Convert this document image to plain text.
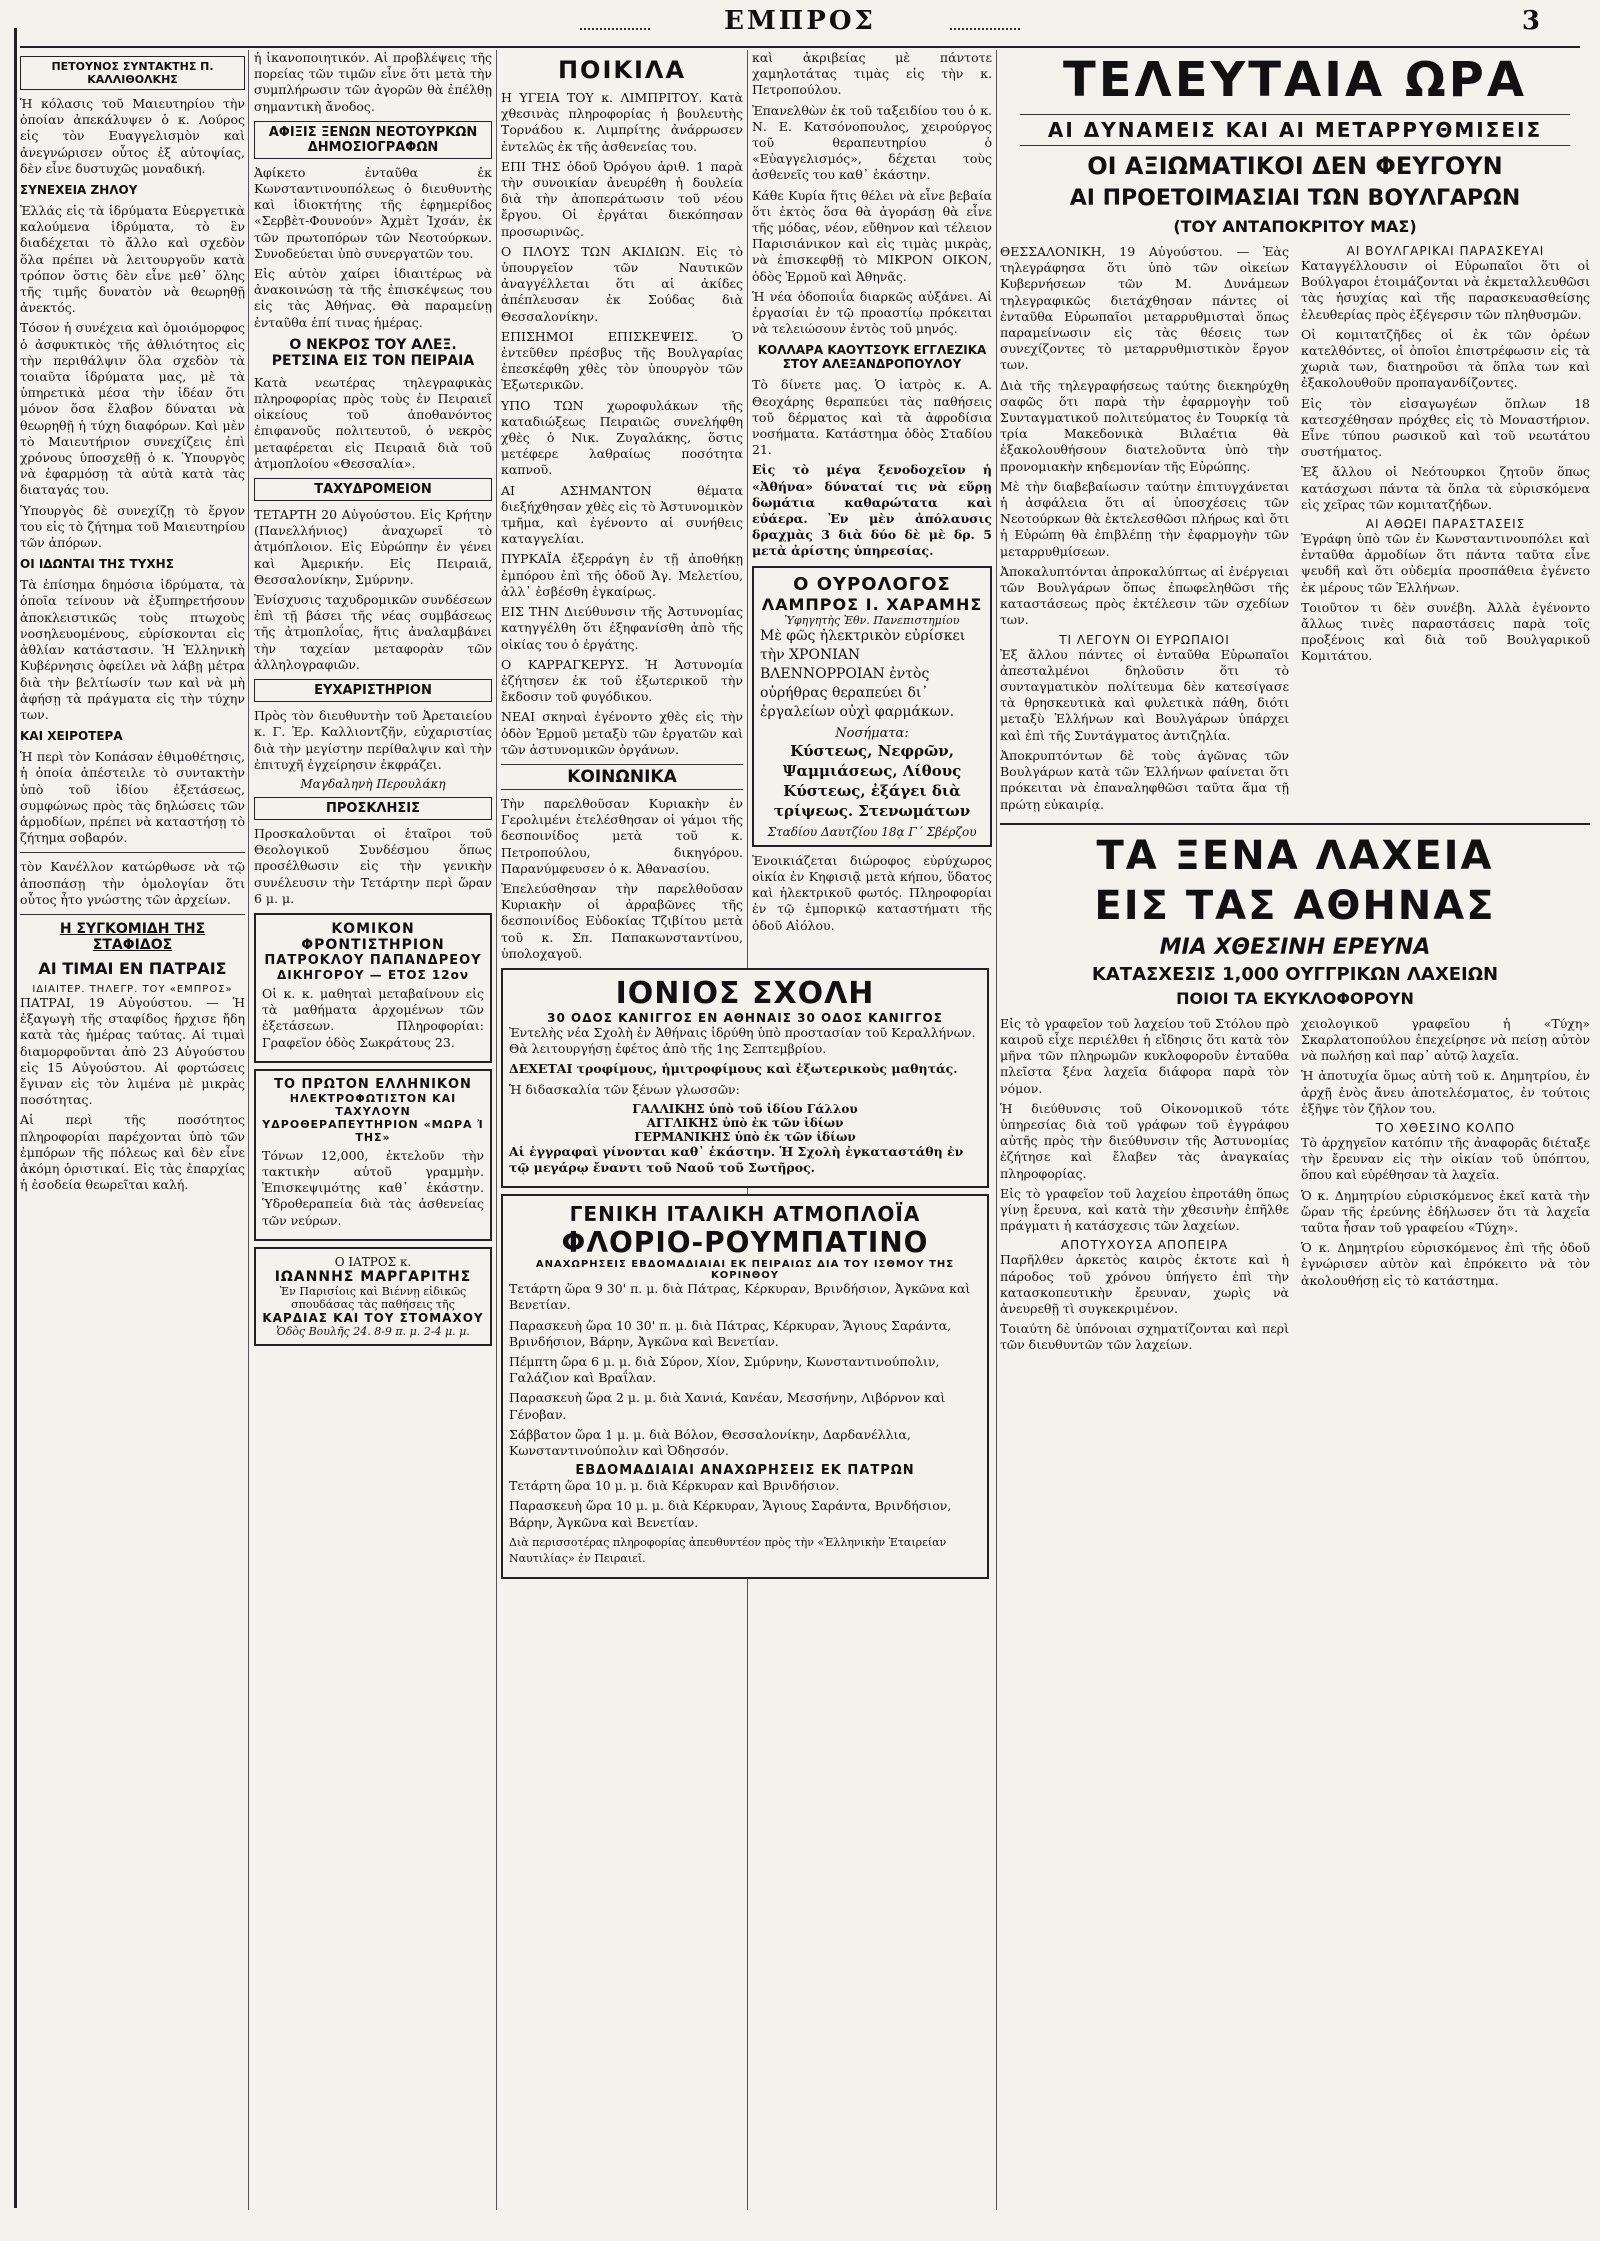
ΕΜΠΡΟΣ	3
ΠΕΤΟΥΝΟΣ ΣΥΝΤΑΚΤΗΣ Π. ΚΑΛΛΙΘΟΛΚΗΣ

Ἡ κόλασις τοῦ Μαιευτηρίου τὴν ὁποίαν ἀπεκάλυψεν ὁ κ. Λούρος εἰς τὸν Ευαγγελισμὸν καὶ ἀνεγνώρισεν οὗτος ἐξ αὐτοψίας, δὲν εἶνε δυστυχῶς μοναδική.

ΣΥΝΕΧΕΙΑ ΖΗΛΟΥ

Ἐλλάς εἰς τὰ ἱδρύματα Εὐεργετικὰ καλούμενα ἱδρύματα, τὸ ἓν διαδέχεται τὸ ἄλλο καὶ σχεδὸν ὅλα πρέπει νὰ λειτουργοῦν κατὰ τρόπον ὅστις δὲν εἶνε μεθ᾽ ὅλης τῆς τιμῆς δυνατὸν νὰ θεωρηθῇ ἀνεκτός.

Τόσον ἡ συνέχεια καὶ ὁμοιόμορφος ὁ ἀσφυκτικὸς τῆς ἀθλιότητος εἰς τὴν περιθάλψιν ὅλα σχεδὸν τὰ τοιαῦτα ἱδρύματα μας, μὲ τὰ ὑπηρετικὰ μέσα τὴν ἰδέαν ὅτι μόνον ὅσα ἔλαβον δύναται νὰ θεωρηθῇ ἡ τύχη διαφόρων. Καὶ μὲν τὸ Μαιευτήριον συνεχίζεις ἐπὶ χρόνους ὑποσχεθῇ ὁ κ. Ὑπουργὸς νὰ ἐφαρμόσῃ τὰ αὐτὰ κατὰ τὰς διαταγάς του.

Ὑπουργὸς δὲ συνεχίζῃ τὸ ἔργον του εἰς τὸ ζήτημα τοῦ Μαιευτηρίου τῶν ἀπόρων.

ΟΙ ΙΔΩΝΤΑΙ ΤΗΣ ΤΥΧΗΣ

Τὰ ἐπίσημα δημόσια ἱδρύματα, τὰ ὁποῖα τείνουν νὰ ἐξυπηρετήσουν ἀποκλειστικῶς τοὺς πτωχοὺς νοσηλευομένους, εὑρίσκονται εἰς ἀθλίαν κατάστασιν. Ἡ Ἑλληνικὴ Κυβέρνησις ὀφείλει νὰ λάβῃ μέτρα διὰ τὴν βελτίωσίν των καὶ νὰ μὴ ἀφήσῃ τὰ πράγματα εἰς τὴν τύχην των.

ΚΑΙ ΧΕΙΡΟΤΕΡΑ

Ἡ περὶ τὸν Κοπάσαν ἐθιμοθέτησις, ἡ ὁποία ἀπέστειλε τὸ συντακτὴν ὑπὸ τοῦ ἰδίου ἐξετάσεως, συμφώνως πρὸς τὰς δηλώσεις τῶν ἁρμοδίων, πρέπει νὰ καταστήσῃ τὸ ζήτημα σοβαρόν.

τὸν Κανέλλον κατώρθωσε νὰ τῷ ἀποσπάσῃ τὴν ὁμολογίαν ὅτι οὗτος ἦτο γνώστης τῶν ἀρχείων.

Η ΣΥΓΚΟΜΙΔΗ ΤΗΣ ΣΤΑΦΙΔΟΣ
ΑΙ ΤΙΜΑΙ ΕΝ ΠΑΤΡΑΙΣ
ΙΔΙΑΙΤΕΡ. ΤΗΛΕΓΡ. ΤΟΥ «ΕΜΠΡΟΣ»

ΠΑΤΡΑΙ, 19 Αὐγούστου. — Ἡ ἐξαγωγὴ τῆς σταφίδος ἤρχισε ἤδη κατὰ τὰς ἡμέρας ταύτας. Αἱ τιμαὶ διαμορφοῦνται ἀπὸ 23 Αὐγούστου εἰς 15 Αὐγούστου. Αἱ φορτώσεις ἔγιναν εἰς τὸν λιμένα μὲ μικρὰς ποσότητας.

Αἱ περὶ τῆς ποσότητος πληροφορίαι παρέχονται ὑπὸ τῶν ἐμπόρων τῆς πόλεως καὶ δὲν εἶνε ἀκόμη ὁριστικαί. Εἰς τὰς ἐπαρχίας ἡ ἐσοδεία θεωρεῖται καλή.

ἡ ἱκανοποιητικόν. Αἱ προβλέψεις τῆς πορείας τῶν τιμῶν εἶνε ὅτι μετὰ τὴν συμπλήρωσιν τῶν ἀγορῶν θὰ ἐπέλθῃ σημαντικὴ ἄνοδος.

ΑΦΙΞΙΣ ΞΕΝΩΝ ΝΕΟΤΟΥΡΚΩΝ ΔΗΜΟΣΙΟΓΡΑΦΩΝ

Ἀφίκετο ἐνταῦθα ἐκ Κωνσταντινουπόλεως ὁ διευθυντὴς καὶ ἰδιοκτήτης τῆς ἐφημερίδος «Σερβὲτ-Φουνούν» Ἀχμὲτ Ἰχσάν, ἐκ τῶν πρωτοπόρων τῶν Νεοτούρκων. Συνοδεύεται ὑπὸ συνεργατῶν του.

Εἰς αὐτὸν χαίρει ἰδιαιτέρως νὰ ἀνακοινώσῃ τὰ τῆς ἐπισκέψεως του εἰς τὰς Ἀθήνας. Θὰ παραμείνῃ ἐνταῦθα ἐπί τινας ἡμέρας.

Ο ΝΕΚΡΟΣ ΤΟΥ ΑΛΕΞ. ΡΕΤΣΙΝΑ ΕΙΣ ΤΟΝ ΠΕΙΡΑΙΑ

Κατὰ νεωτέρας τηλεγραφικὰς πληροφορίας πρὸς τοὺς ἐν Πειραιεῖ οἰκείους τοῦ ἀποθανόντος ἐπιφανοῦς πολιτευτοῦ, ὁ νεκρὸς μεταφέρεται εἰς Πειραιᾶ διὰ τοῦ ἀτμοπλοίου «Θεσσαλία».

ΤΑΧΥΔΡΟΜΕΙΟΝ

ΤΕΤΑΡΤΗ 20 Αὐγούστου. Εἰς Κρήτην (Πανελλήνιος) ἀναχωρεῖ τὸ ἀτμόπλοιον. Εἰς Εὐρώπην ἐν γένει καὶ Ἀμερικήν. Εἰς Πειραιᾶ, Θεσσαλονίκην, Σμύρνην.

Ἐνίσχυσις ταχυδρομικῶν συνδέσεων ἐπὶ τῇ βάσει τῆς νέας συμβάσεως τῆς ἀτμοπλοΐας, ἥτις ἀναλαμβάνει τὴν ταχείαν μεταφορὰν τῶν ἀλληλογραφιῶν.

ΕΥΧΑΡΙΣΤΗΡΙΟΝ

Πρὸς τὸν διευθυντὴν τοῦ Ἀρεταιείου κ. Γ. Ἐρ. Καλλιοντζῆν, εὐχαριστίας διὰ τὴν μεγίστην περίθαλψιν καὶ τὴν ἐπιτυχῆ ἐγχείρησιν ἐκφράζει.

Μαγδαληνὴ Περουλάκη
ΠΡΟΣΚΛΗΣΙΣ

Προσκαλοῦνται οἱ ἑταῖροι τοῦ Θεολογικοῦ Συνδέσμου ὅπως προσέλθωσιν εἰς τὴν γενικὴν συνέλευσιν τὴν Τετάρτην περὶ ὥραν 6 μ. μ.

ΚΟΜΙΚΟΝ ΦΡΟΝΤΙΣΤΗΡΙΟΝ
ΠΑΤΡΟΚΛΟΥ ΠΑΠΑΝΔΡΕΟΥ
ΔΙΚΗΓΟΡΟΥ — ΕΤΟΣ 12ον

Οἱ κ. κ. μαθηταὶ μεταβαίνουν εἰς τὰ μαθήματα ἀρχομένων τῶν ἐξετάσεων. Πληροφορίαι: Γραφεῖον ὁδὸς Σωκράτους 23.

ΤΟ ΠΡΩΤΟΝ ΕΛΛΗΝΙΚΟΝ
ΗΛΕΚΤΡΟΦΩΤΙΣΤΟΝ ΚΑΙ ΤΑΧΥΛΟΥΝ ΥΔΡΟΘΕΡΑΠΕΥΤΗΡΙΟΝ «ΜΩΡΑ Ἰ ΤΗΣ»

Τόνων 12,000, ἐκτελοῦν τὴν τακτικὴν αὐτοῦ γραμμὴν. Ἐπισκεψιμότης καθ᾽ ἑκάστην. Ὑδροθεραπεία διὰ τὰς ἀσθενείας τῶν νεύρων.

Ο ΙΑΤΡΟΣ κ.
ΙΩΑΝΝΗΣ ΜΑΡΓΑΡΙΤΗΣ
Ἐν Παρισίοις καὶ Βιέννῃ εἰδικῶς σπουδάσας τὰς παθήσεις τῆς
ΚΑΡΔΙΑΣ ΚΑΙ ΤΟΥ ΣΤΟΜΑΧΟΥ
Ὁδὸς Βουλῆς 24. 8-9 π. μ. 2-4 μ. μ.
ΠΟΙΚΙΛΑ

Η ΥΓΕΙΑ ΤΟΥ κ. ΛΙΜΠΡΙΤΟΥ. Κατὰ χθεσινὰς πληροφορίας ἡ βουλευτὴς Τορνάδου κ. Λιμπρίτης ἀνάρρωσεν ἐντελῶς ἐκ τῆς ἀσθενείας του.

ΕΠΙ ΤΗΣ ὁδοῦ Ὀρόγου ἀριθ. 1 παρὰ τὴν συνοικίαν ἀνευρέθη ἡ δουλεία διὰ τὴν ἀποπεράτωσιν τοῦ νέου ἔργου. Οἱ ἐργάται διεκόπησαν προσωρινῶς.

Ο ΠΛΟΥΣ ΤΩΝ ΑΚΙΔΙΩΝ. Εἰς τὸ ὑπουργεῖον τῶν Ναυτικῶν ἀναγγέλλεται ὅτι αἱ ἀκίδες ἀπέπλευσαν ἐκ Σούδας διὰ Θεσσαλονίκην.

ΕΠΙΣΗΜΟΙ ΕΠΙΣΚΕΨΕΙΣ. Ὁ ἐντεῦθεν πρέσβυς τῆς Βουλγαρίας ἐπεσκέφθη χθὲς τὸν ὑπουργὸν τῶν Ἐξωτερικῶν.

ΥΠΟ ΤΩΝ χωροφυλάκων τῆς καταδιώξεως Πειραιῶς συνελήφθη χθὲς ὁ Νικ. Ζυγαλάκης, ὅστις μετέφερε λαθραίως ποσότητα καπνοῦ.

ΑΙ ΑΣΗΜΑΝΤΟΝ θέματα διεξήχθησαν χθὲς εἰς τὸ Ἀστυνομικὸν τμῆμα, καὶ ἐγένοντο αἱ συνήθεις καταγγελίαι.

ΠΥΡΚΑΪΑ ἐξερράγη ἐν τῇ ἀποθήκῃ ἐμπόρου ἐπὶ τῆς ὁδοῦ Ἀγ. Μελετίου, ἀλλ᾽ ἐσβέσθη ἐγκαίρως.

ΕΙΣ ΤΗΝ Διεύθυνσιν τῆς Ἀστυνομίας κατηγγέλθη ὅτι ἐξηφανίσθη ἀπὸ τῆς οἰκίας του ὁ ἐργάτης.

Ο ΚΑΡΡΑΓΚΕΡΥΣ. Ἡ Ἀστυνομία ἐζήτησεν ἐκ τοῦ ἐξωτερικοῦ τὴν ἔκδοσιν τοῦ φυγόδικου.

ΝΕΑΙ σκηναὶ ἐγένοντο χθὲς εἰς τὴν ὁδὸν Ἑρμοῦ μεταξὺ τῶν ἐργατῶν καὶ τῶν ἀστυνομικῶν ὀργάνων.

ΚΟΙΝΩΝΙΚΑ

Τὴν παρελθοῦσαν Κυριακὴν ἐν Γερολιμένι ἐτελέσθησαν οἱ γάμοι τῆς δεσποινίδος μετὰ τοῦ κ. Πετροπούλου, δικηγόρου. Παρανύμφευσεν ὁ κ. Ἀθανασίου.

Ἐπελεύσθησαν τὴν παρελθοῦσαν Κυριακὴν οἱ ἀρραβῶνες τῆς δεσποινίδος Εὐδοκίας Τζιβίτου μετὰ τοῦ κ. Σπ. Παπακωνσταντίνου, ὑπολοχαγοῦ.

ΙΟΝΙΟΣ ΣΧΟΛΗ
30 ΟΔΟΣ ΚΑΝΙΓΓΟΣ ΕΝ ΑΘΗΝΑΙΣ 30 ΟΔΟΣ ΚΑΝΙΓΓΟΣ

Ἐντελὴς νέα Σχολὴ ἐν Ἀθήναις ἱδρύθη ὑπὸ προστασίαν τοῦ Κεραλλήνων. Θὰ λειτουργήσῃ ἐφέτος ἀπὸ τῆς 1ης Σεπτεμβρίου.

ΔΕΧΕΤΑΙ τροφίμους, ἡμιτροφίμους καὶ ἐξωτερικοὺς μαθητάς.

Ἡ διδασκαλία τῶν ξένων γλωσσῶν:

ΓΑΛΛΙΚΗΣ ὑπὸ τοῦ ἰδίου Γάλλου
ΑΓΓΛΙΚΗΣ ὑπὸ ἐκ τῶν ἰδίων
ΓΕΡΜΑΝΙΚΗΣ ὑπὸ ἐκ τῶν ἰδίων

Αἱ ἐγγραφαὶ γίνονται καθ᾽ ἑκάστην. Ἡ Σχολὴ ἐγκαταστάθη ἐν τῷ μεγάρῳ ἔναντι τοῦ Ναοῦ τοῦ Σωτῆρος.

ΓΕΝΙΚΗ ΙΤΑΛΙΚΗ ΑΤΜΟΠΛΟΪΑ
ΦΛΟΡΙΟ-ΡΟΥΜΠΑΤΙΝΟ
ΑΝΑΧΩΡΗΣΕΙΣ ΕΒΔΟΜΑΔΙΑΙΑΙ ΕΚ ΠΕΙΡΑΙΩΣ ΔΙΑ ΤΟΥ ΙΣΘΜΟΥ ΤΗΣ ΚΟΡΙΝΘΟΥ

Τετάρτη ὥρα 9 30' π. μ. διὰ Πάτρας, Κέρκυραν, Βρινδήσιον, Ἀγκῶνα καὶ Βενετίαν.

Παρασκευὴ ὥρα 10 30' π. μ. διὰ Πάτρας, Κέρκυραν, Ἅγιους Σαράντα, Βρινδήσιον, Βάρην, Ἀγκῶνα καὶ Βενετίαν.

Πέμπτη ὥρα 6 μ. μ. διὰ Σύρον, Χίον, Σμύρνην, Κωνσταντινούπολιν, Γαλάζιον καὶ Βραΐλαν.

Παρασκευὴ ὥρα 2 μ. μ. διὰ Χανιά, Κανέαν, Μεσσήνην, Λιβόρνον καὶ Γένοβαν.

Σάββατον ὥρα 1 μ. μ. διὰ Βόλον, Θεσσαλονίκην, Δαρδανέλλια, Κωνσταντινούπολιν καὶ Ὀδησσόν.

ΕΒΔΟΜΑΔΙΑΙΑΙ ΑΝΑΧΩΡΗΣΕΙΣ ΕΚ ΠΑΤΡΩΝ

Τετάρτη ὥρα 10 μ. μ. διὰ Κέρκυραν καὶ Βρινδήσιον.

Παρασκευὴ ὥρα 10 μ. μ. διὰ Κέρκυραν, Ἅγιους Σαράντα, Βρινδήσιον, Βάρην, Ἀγκῶνα καὶ Βενετίαν.

Διὰ περισσοτέρας πληροφορίας ἀπευθυντέον πρὸς τὴν «Ἑλληνικὴν Ἑταιρείαν Ναυτιλίας» ἐν Πειραιεῖ.

καὶ ἀκριβείας μὲ πάντοτε χαμηλοτάτας τιμὰς εἰς τὴν κ. Πετροπούλου.

Ἐπανελθὼν ἐκ τοῦ ταξειδίου του ὁ κ. Ν. Ε. Κατσόνοπουλος, χειρούργος τοῦ θεραπευτηρίου ὁ «Εὐαγγελισμός», δέχεται τοὺς ἀσθενεῖς του καθ᾽ ἑκάστην.

Κάθε Κυρία ἥτις θέλει νὰ εἶνε βεβαία ὅτι ἐκτὸς ὅσα θὰ ἀγοράσῃ θὰ εἶνε τῆς μόδας, νέον, εὔθηνον καὶ τέλειον Παρισιάνικον καὶ εἰς τιμὰς μικρὰς, νὰ ἐπισκεφθῇ τὸ ΜΙΚΡΟΝ ΟΙΚΟΝ, ὁδὸς Ἑρμοῦ καὶ Ἀθηνᾶς.

Ἡ νέα ὁδοποιΐα διαρκῶς αὐξάνει. Αἱ ἐργασίαι ἐν τῷ προαστίῳ πρόκειται νὰ τελειώσουν ἐντὸς τοῦ μηνός.

ΚΟΛΛΑΡΑ ΚΑΟΥΤΣΟΥΚ ΕΓΓΛΕΖΙΚΑ ΣΤΟΥ ΑΛΕΞΑΝΔΡΟΠΟΥΛΟΥ

Τὸ δίνετε μας. Ὁ ἰατρὸς κ. Α. Θεοχάρης θεραπεύει τὰς παθήσεις τοῦ δέρματος καὶ τὰ ἀφροδίσια νοσήματα. Κατάστημα ὁδὸς Σταδίου 21.

Εἰς τὸ μέγα ξενοδοχεῖον ἡ «Ἀθήνα» δύναταί τις νὰ εὕρῃ δωμάτια καθαρώτατα καὶ εὐάερα. Ἐν μὲν ἀπόλαυσις δραχμὰς 3 διὰ δύο δὲ μὲ δρ. 5 μετὰ ἀρίστης ὑπηρεσίας.

Ο ΟΥΡΟΛΟΓΟΣ
ΛΑΜΠΡΟΣ Ι. ΧΑΡΑΜΗΣ
Ὑφηγητὴς Ἐθν. Πανεπιστημίου

Μὲ φῶς ἠλεκτρικὸν εὐρίσκει τὴν ΧΡΟΝΙΑΝ ΒΛΕΝΝΟΡΡΟΙΑΝ ἐντὸς οὐρήθρας θεραπεύει δι᾽ ἐργαλείων οὐχὶ φαρμάκων.

Νοσήματα:

Κύστεως, Νεφρῶν, Ψαμμιάσεως, Λίθους Κύστεως, ἐξάγει διὰ τρίψεως. Στενωμάτων

Σταδίου Δαυτζίου 18ᾳ Γ΄ Σβέρζου

Ἐνοικιάζεται διώροφος εὐρύχωρος οἰκία ἐν Κηφισιᾷ μετὰ κήπου, ὕδατος καὶ ἠλεκτρικοῦ φωτός. Πληροφορίαι ἐν τῷ ἐμπορικῷ καταστήματι τῆς ὁδοῦ Αἰόλου.

ΤΕΛΕΥΤΑΙΑ ΩΡΑ
ΑΙ ΔΥΝΑΜΕΙΣ ΚΑΙ ΑΙ ΜΕΤΑΡΡΥΘΜΙΣΕΙΣ
ΟΙ ΑΞΙΩΜΑΤΙΚΟΙ ΔΕΝ ΦΕΥΓΟΥΝ
ΑΙ ΠΡΟΕΤΟΙΜΑΣΙΑΙ ΤΩΝ ΒΟΥΛΓΑΡΩΝ
(ΤΟΥ ΑΝΤΑΠΟΚΡΙΤΟΥ ΜΑΣ)

ΘΕΣΣΑΛΟΝΙΚΗ, 19 Αὐγούστου. — Ἐὰς τηλεγράφησα ὅτι ὑπὸ τῶν οἰκείων Κυβερνήσεων τῶν Μ. Δυνάμεων τηλεγραφικῶς διετάχθησαν πάντες οἱ ἐνταῦθα Εὐρωπαῖοι μεταρρυθμισταὶ ὅπως παραμείνωσιν εἰς τὰς θέσεις των συνεχίζοντες τὸ μεταρρυθμιστικὸν ἔργον των.

Διὰ τῆς τηλεγραφήσεως ταύτης διεκηρύχθη σαφῶς ὅτι παρὰ τὴν ἐφαρμογὴν τοῦ Συνταγματικοῦ πολιτεύματος ἐν Τουρκίᾳ τὰ τρία Μακεδονικὰ Βιλαέτια θὰ ἐξακολουθήσουν διατελοῦντα ὑπὸ τὴν προνομιακὴν κηδεμονίαν τῆς Εὐρώπης.

Μὲ τὴν διαβεβαίωσιν ταύτην ἐπιτυγχάνεται ἡ ἀσφάλεια ὅτι αἱ ὑποσχέσεις τῶν Νεοτούρκων θὰ ἐκτελεσθῶσι πλήρως καὶ ὅτι ἡ Εὐρώπη θὰ ἐπιβλέπῃ τὴν ἐφαρμογὴν τῶν μεταρρυθμίσεων.

Ἀποκαλυπτόνται ἀπροκαλύπτως αἱ ἐνέργειαι τῶν Βουλγάρων ὅπως ἐπωφεληθῶσι τῆς καταστάσεως πρὸς ἐκτέλεσιν τῶν σχεδίων των.

ΤΙ ΛΕΓΟΥΝ ΟΙ ΕΥΡΩΠΑΙΟΙ

Ἐξ ἄλλου πάντες οἱ ἐνταῦθα Εὐρωπαῖοι ἀπεσταλμένοι δηλοῦσιν ὅτι τὸ συνταγματικὸν πολίτευμα δὲν κατεσίγασε τὰ θρησκευτικὰ καὶ φυλετικὰ πάθη, διότι μεταξὺ Ἑλλήνων καὶ Βουλγάρων ὑπάρχει καὶ ἐπὶ τῆς Συντάγματος ἀντιζηλία.

Ἀποκρυπτόντων δὲ τοὺς ἀγῶνας τῶν Βουλγάρων κατὰ τῶν Ἑλλήνων φαίνεται ὅτι πρόκειται νὰ ἐπαναληφθῶσι ταῦτα ἅμα τῇ πρώτῃ εὐκαιρίᾳ.

ΑΙ ΒΟΥΛΓΑΡΙΚΑΙ ΠΑΡΑΣΚΕΥΑΙ

Καταγγέλλουσιν οἱ Εὐρωπαῖοι ὅτι οἱ Βούλγαροι ἑτοιμάζονται νὰ ἐκμεταλλευθῶσι τὰς ἡσυχίας καὶ τῆς παρασκευασθείσης ἐλευθερίας πρὸς ἐξέγερσιν τῶν πληθυσμῶν.

Οἱ κομιτατζῆδες οἱ ἐκ τῶν ὀρέων κατελθόντες, οἱ ὁποῖοι ἐπιστρέφωσιν εἰς τὰ χωριὰ των, διατηροῦσι τὰ ὅπλα των καὶ ἐξακολουθοῦν προπαγανδίζοντες.

Εἰς τὸν εἰσαγωγέων ὅπλων 18 κατεσχέθησαν πρόχθες εἰς τὸ Μοναστήριον. Εἶνε τύπου ρωσικοῦ καὶ τοῦ νεωτάτου συστήματος.

Ἐξ ἄλλου οἱ Νεότουρκοι ζητοῦν ὅπως κατάσχωσι πάντα τὰ ὅπλα τὰ εὑρισκόμενα εἰς χεῖρας τῶν κομιτατζήδων.

ΑΙ ΑΘΩΕΙ ΠΑΡΑΣΤΑΣΕΙΣ

Ἐγράφη ὑπὸ τῶν ἐν Κωνσταντινουπόλει καὶ ἐνταῦθα ἀρμοδίων ὅτι πάντα ταῦτα εἶνε ψευδῆ καὶ ὅτι οὐδεμία προσπάθεια ἐγένετο ἐκ μέρους τῶν Ἑλλήνων.

Τοιοῦτον τι δὲν συνέβη. Ἀλλὰ ἐγένοντο ἄλλως τινὲς παραστάσεις παρὰ τοῖς προξένοις καὶ διὰ τοῦ Βουλγαρικοῦ Κομιτάτου.

ΤΑ ΞΕΝΑ ΛΑΧΕΙΑ
ΕΙΣ ΤΑΣ ΑΘΗΝΑΣ
ΜΙΑ ΧΘΕΣΙΝΗ ΕΡΕΥΝΑ
ΚΑΤΑΣΧΕΣΙΣ 1,000 ΟΥΓΓΡΙΚΩΝ ΛΑΧΕΙΩΝ
ΠΟΙΟΙ ΤΑ ΕΚΥΚΛΟΦΟΡΟΥΝ

Εἰς τὸ γραφεῖον τοῦ λαχείου τοῦ Στόλου πρὸ καιροῦ εἶχε περιέλθει ἡ εἴδησις ὅτι κατὰ τὸν μῆνα τῶν πληρωμῶν κυκλοφοροῦν ἐνταῦθα πλεῖστα ξένα λαχεῖα διάφορα παρὰ τὸν νόμον.

Ἡ διεύθυνσις τοῦ Οἰκονομικοῦ τότε ὑπηρεσίας διὰ τοῦ γράφων τοῦ ἐγγράφου αὐτῆς πρὸς τὴν διεύθυνσιν τῆς Ἀστυνομίας ἐζήτησε καὶ ἔλαβεν τὰς ἀναγκαίας πληροφορίας.

Εἰς τὸ γραφεῖον τοῦ λαχείου ἐπροτάθη ὅπως γίνῃ ἔρευνα, καὶ κατὰ τὴν χθεσινὴν ἐπῆλθε πράγματι ἡ κατάσχεσις τῶν λαχείων.

ΑΠΟΤΥΧΟΥΣΑ ΑΠΟΠΕΙΡΑ

Παρῆλθεν ἀρκετὸς καιρὸς ἐκτοτε καὶ ἡ πάροδος τοῦ χρόνου ὑπήγετο ἐπὶ τὴν κατασκοπευτικὴν ἔρευναν, χωρὶς νὰ ἀνευρεθῇ τὶ συγκεκριμένον.

Τοιαύτη δὲ ὑπόνοιαι σχηματίζονται καὶ περὶ τῶν διευθυντῶν τῶν λαχείων.

χειολογικοῦ γραφεῖου ἡ «Τύχη» Σκαρλατοπούλου ἐπεχείρησε νὰ πείσῃ αὐτὸν νὰ πωλήσῃ καὶ παρ᾽ αὐτῷ λαχεῖα.

Ἡ ἀποτυχία ὅμως αὐτὴ τοῦ κ. Δημητρίου, ἐν ἀρχῇ ἐνὸς ἄνευ ἀποτελέσματος, ἐν τούτοις ἐξῆψε τὸν ζῆλον του.

ΤΟ ΧΘΕΣΙΝΟ ΚΟΛΠΟ

Τὸ ἀρχηγεῖον κατόπιν τῆς ἀναφορᾶς διέταξε τὴν ἔρευναν εἰς τὴν οἰκίαν τοῦ ὑπόπτου, ὅπου καὶ εὑρέθησαν τὰ λαχεῖα.

Ὁ κ. Δημητρίου εὐρισκόμενος ἐκεῖ κατὰ τὴν ὥραν τῆς ἐρεύνης ἐδήλωσεν ὅτι τὰ λαχεῖα ταῦτα ἦσαν τοῦ γραφείου «Τύχη».

Ὁ κ. Δημητρίου εὐρισκόμενος ἐπὶ τῆς ὁδοῦ ἐγνώρισεν αὐτὸν καὶ ἐπρόκειτο νὰ τὸν ἀκολουθήσῃ εἰς τὸ κατάστημα.
